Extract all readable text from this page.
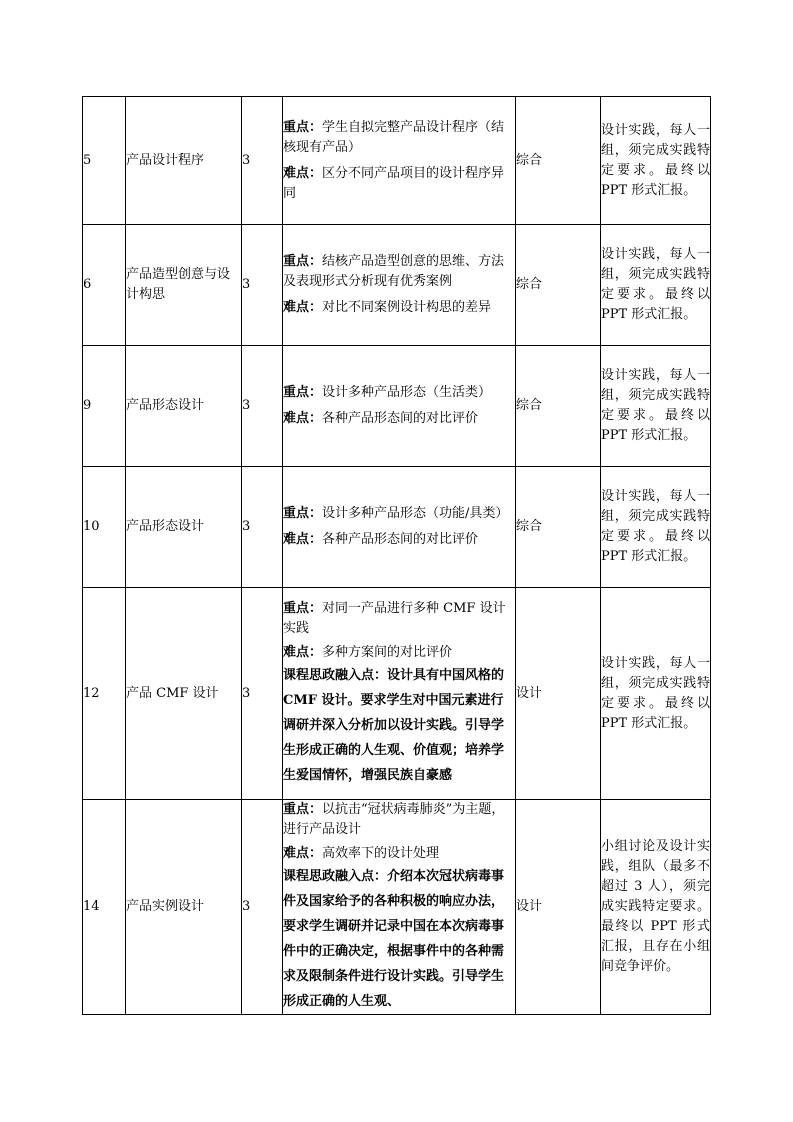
5	产品设计程序	3	重点：学生自拟完整产品设计程序（结核现有产品）

难点：区分不同产品项目的设计程序异同	综合	设计实践，每人一组，须完成实践特定要求。最终以 PPT 形式汇报。
6	产品造型创意与设计构思	3	重点：结核产品造型创意的思维、方法及表现形式分析现有优秀案例

难点：对比不同案例设计构思的差异	综合	设计实践，每人一组，须完成实践特定要求。最终以 PPT 形式汇报。
9	产品形态设计	3	重点：设计多种产品形态（生活类）

难点：各种产品形态间的对比评价	综合	设计实践，每人一组，须完成实践特定要求。最终以 PPT 形式汇报。
10	产品形态设计	3	重点：设计多种产品形态（功能/具类）

难点：各种产品形态间的对比评价	综合	设计实践，每人一组，须完成实践特定要求。最终以 PPT 形式汇报。
12	产品 CMF 设计	3	重点：对同一产品进行多种 CMF 设计实践

难点：多种方案间的对比评价

课程思政融入点：设计具有中国风格的 CMF 设计。要求学生对中国元素进行调研并深入分析加以设计实践。引导学生形成正确的人生观、价值观；培养学生爱国情怀，增强民族自豪感	设计	设计实践，每人一组，须完成实践特定要求。最终以 PPT 形式汇报。
14	产品实例设计	3	重点：以抗击“冠状病毒肺炎”为主题，进行产品设计

难点：高效率下的设计处理

课程思政融入点：介绍本次冠状病毒事件及国家给予的各种积极的响应办法，要求学生调研并记录中国在本次病毒事件中的正确决定，根据事件中的各种需求及限制条件进行设计实践。引导学生形成正确的人生观、	设计	小组讨论及设计实践，组队（最多不超过 3 人），须完成实践特定要求。最终以 PPT 形式汇报，且存在小组间竞争评价。
